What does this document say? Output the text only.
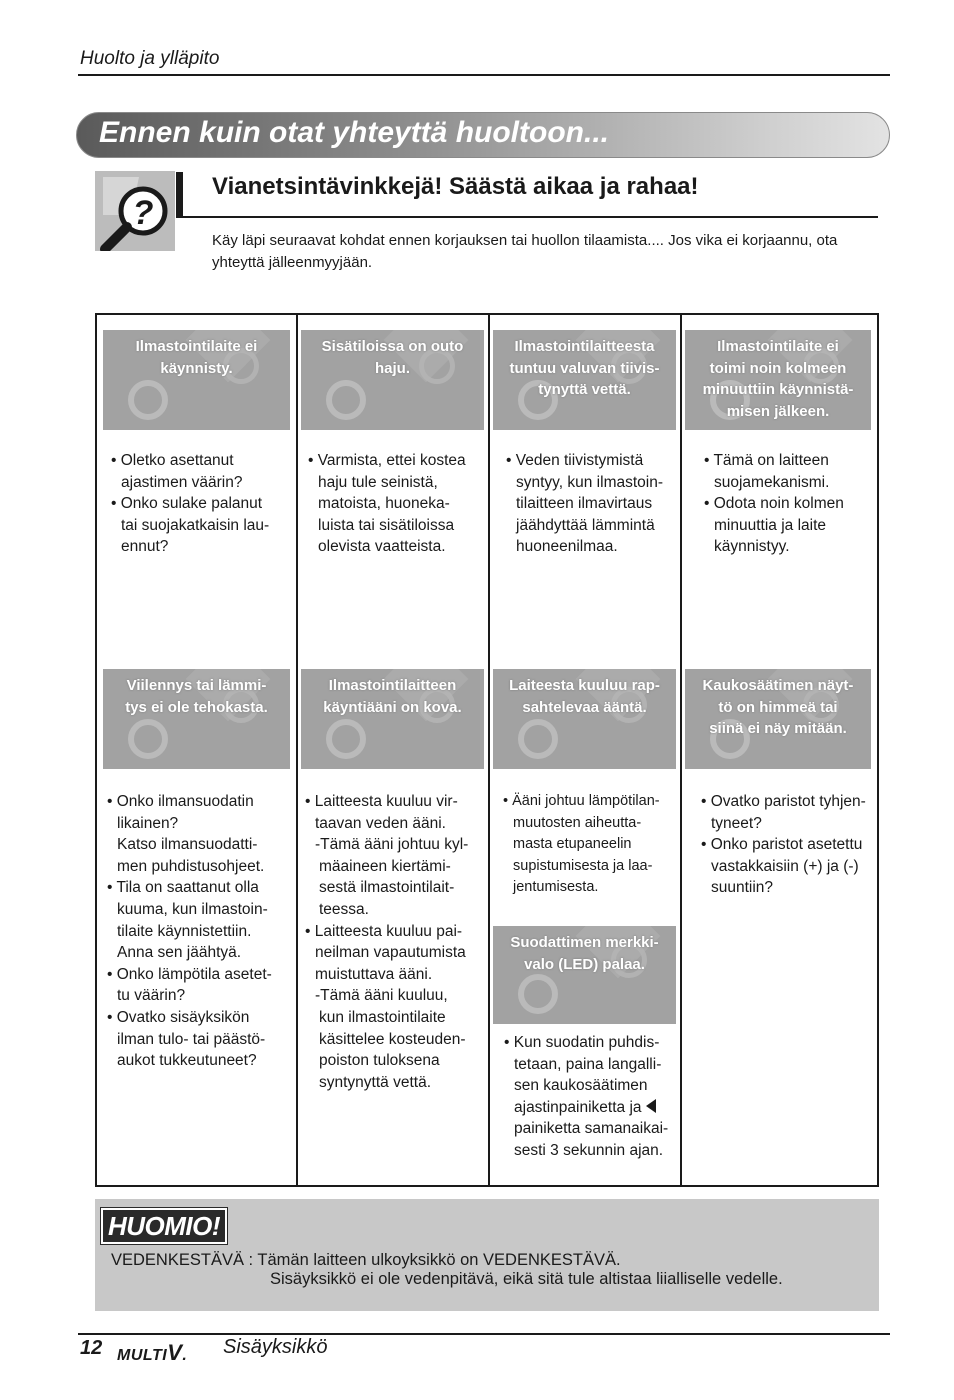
Huolto ja ylläpito
Ennen kuin otat yhteyttä huoltoon...
?
Vianetsintävinkkejä! Säästä aikaa ja rahaa!
Käy läpi seuraavat kohdat ennen korjauksen tai huollon tilaamista.... Jos vika ei korjaannu, ota yhteyttä jälleenmyyjään.
Ilmastointilaite ei
käynnisty.
Sisätiloissa on outo
haju.
Ilmastointilaitteesta
tuntuu valuvan tiivis-
tynyttä vettä.
Ilmastointilaite ei
toimi noin kolmeen
minuuttiin käynnistä-
misen jälkeen.
• Oletko asettanut
ajastimen väärin?
• Onko sulake palanut
tai suojakatkaisin lau-
ennut?
• Varmista, ettei kostea
haju tule seinistä,
matoista, huoneka-
luista tai sisätiloissa
olevista vaatteista.
• Veden tiivistymistä
syntyy, kun ilmastoin-
tilaitteen ilmavirtaus
jäähdyttää lämmintä
huoneenilmaa.
• Tämä on laitteen
suojamekanismi.
• Odota noin kolmen
minuuttia ja laite
käynnistyy.
Viilennys tai lämmi-
tys ei ole tehokasta.
Ilmastointilaitteen
käyntiääni on kova.
Laiteesta kuuluu rap-
sahtelevaa ääntä.
Kaukosäätimen näyt-
tö on himmeä tai
siinä ei näy mitään.
• Onko ilmansuodatin
likainen?
Katso ilmansuodatti-
men puhdistusohjeet.
• Tila on saattanut olla
kuuma, kun ilmastoin-
tilaite käynnistettiin.
Anna sen jäähtyä.
• Onko lämpötila asetet-
tu väärin?
• Ovatko sisäyksikön
ilman tulo- tai päästö-
aukot tukkeutuneet?
• Laitteesta kuuluu vir-
taavan veden ääni.
-Tämä ääni johtuu kyl-
mäaineen kiertämi-
sestä ilmastointilait-
teessa.
• Laitteesta kuuluu pai-
neilman vapautumista
muistuttava ääni.
-Tämä ääni kuuluu,
kun ilmastointilaite
käsittelee kosteuden-
poiston tuloksena
syntynyttä vettä.
• Ääni johtuu lämpötilan-
muutosten aiheutta-
masta etupaneelin
supistumisesta ja laa-
jentumisesta.
Suodattimen merkki-
valo (LED) palaa.
• Kun suodatin puhdis-
tetaan, paina langalli-
sen kaukosäätimen
ajastinpainiketta ja
painiketta samanaikai-
sesti 3 sekunnin ajan.
• Ovatko paristot tyhjen-
tyneet?
• Onko paristot asetettu
vastakkaisiin (+) ja (-)
suuntiin?
HUOMIO!
VEDENKESTÄVÄ : Tämän laitteen ulkoyksikkö on VEDENKESTÄVÄ.
Sisäyksikkö ei ole vedenpitävä, eikä sitä tule altistaa liialliselle vedelle.
12 MULTIV. Sisäyksikkö
